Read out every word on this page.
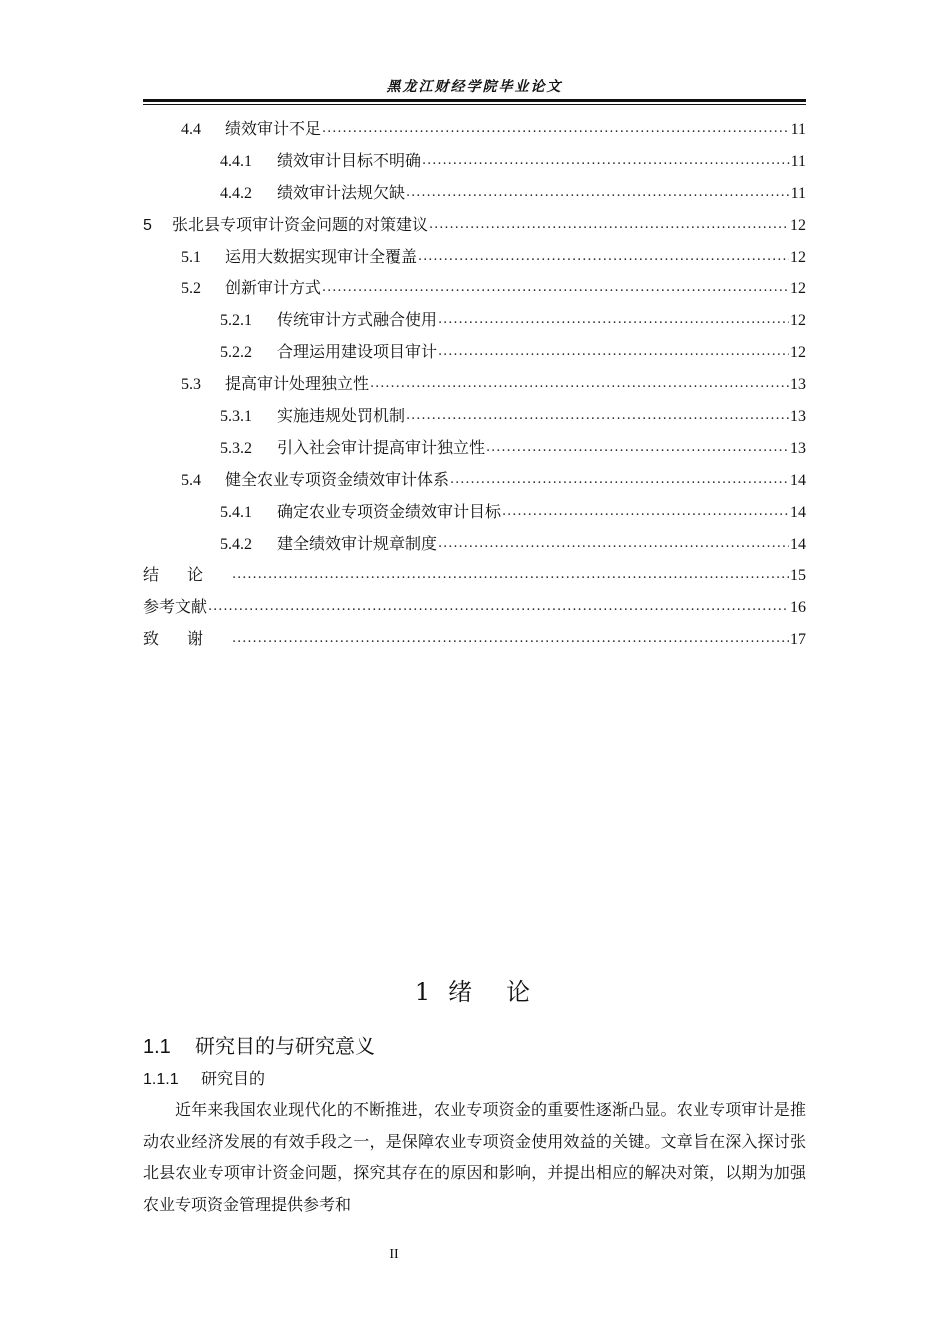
黑龙江财经学院毕业论文
4.4 绩效审计不足 .....	11
4.4.1 绩效审计目标不明确 .....	11
4.4.2 绩效审计法规欠缺 .....	11
5 张北县专项审计资金问题的对策建议 .....	12
5.1 运用大数据实现审计全覆盖 .....	12
5.2 创新审计方式 .....	12
5.2.1 传统审计方式融合使用 .....	12
5.2.2 合理运用建设项目审计 .....	12
5.3 提高审计处理独立性 .....	13
5.3.1 实施违规处罚机制 .....	13
5.3.2 引入社会审计提高审计独立性 .....	13
5.4 健全农业专项资金绩效审计体系 .....	14
5.4.1 确定农业专项资金绩效审计目标 .....	14
5.4.2 建全绩效审计规章制度 .....	14
结论 .....	15
参考文献 .....	16
致谢 .....	17
1 绪 论
1.1 研究目的与研究意义
1.1.1 研究目的
近年来我国农业现代化的不断推进，农业专项资金的重要性逐渐凸显。农业专项审计是推动农业经济发展的有效手段之一，是保障农业专项资金使用效益的关键。文章旨在深入探讨张北县农业专项审计资金问题，探究其存在的原因和影响，并提出相应的解决对策，以期为加强农业专项资金管理提供参考和
II
